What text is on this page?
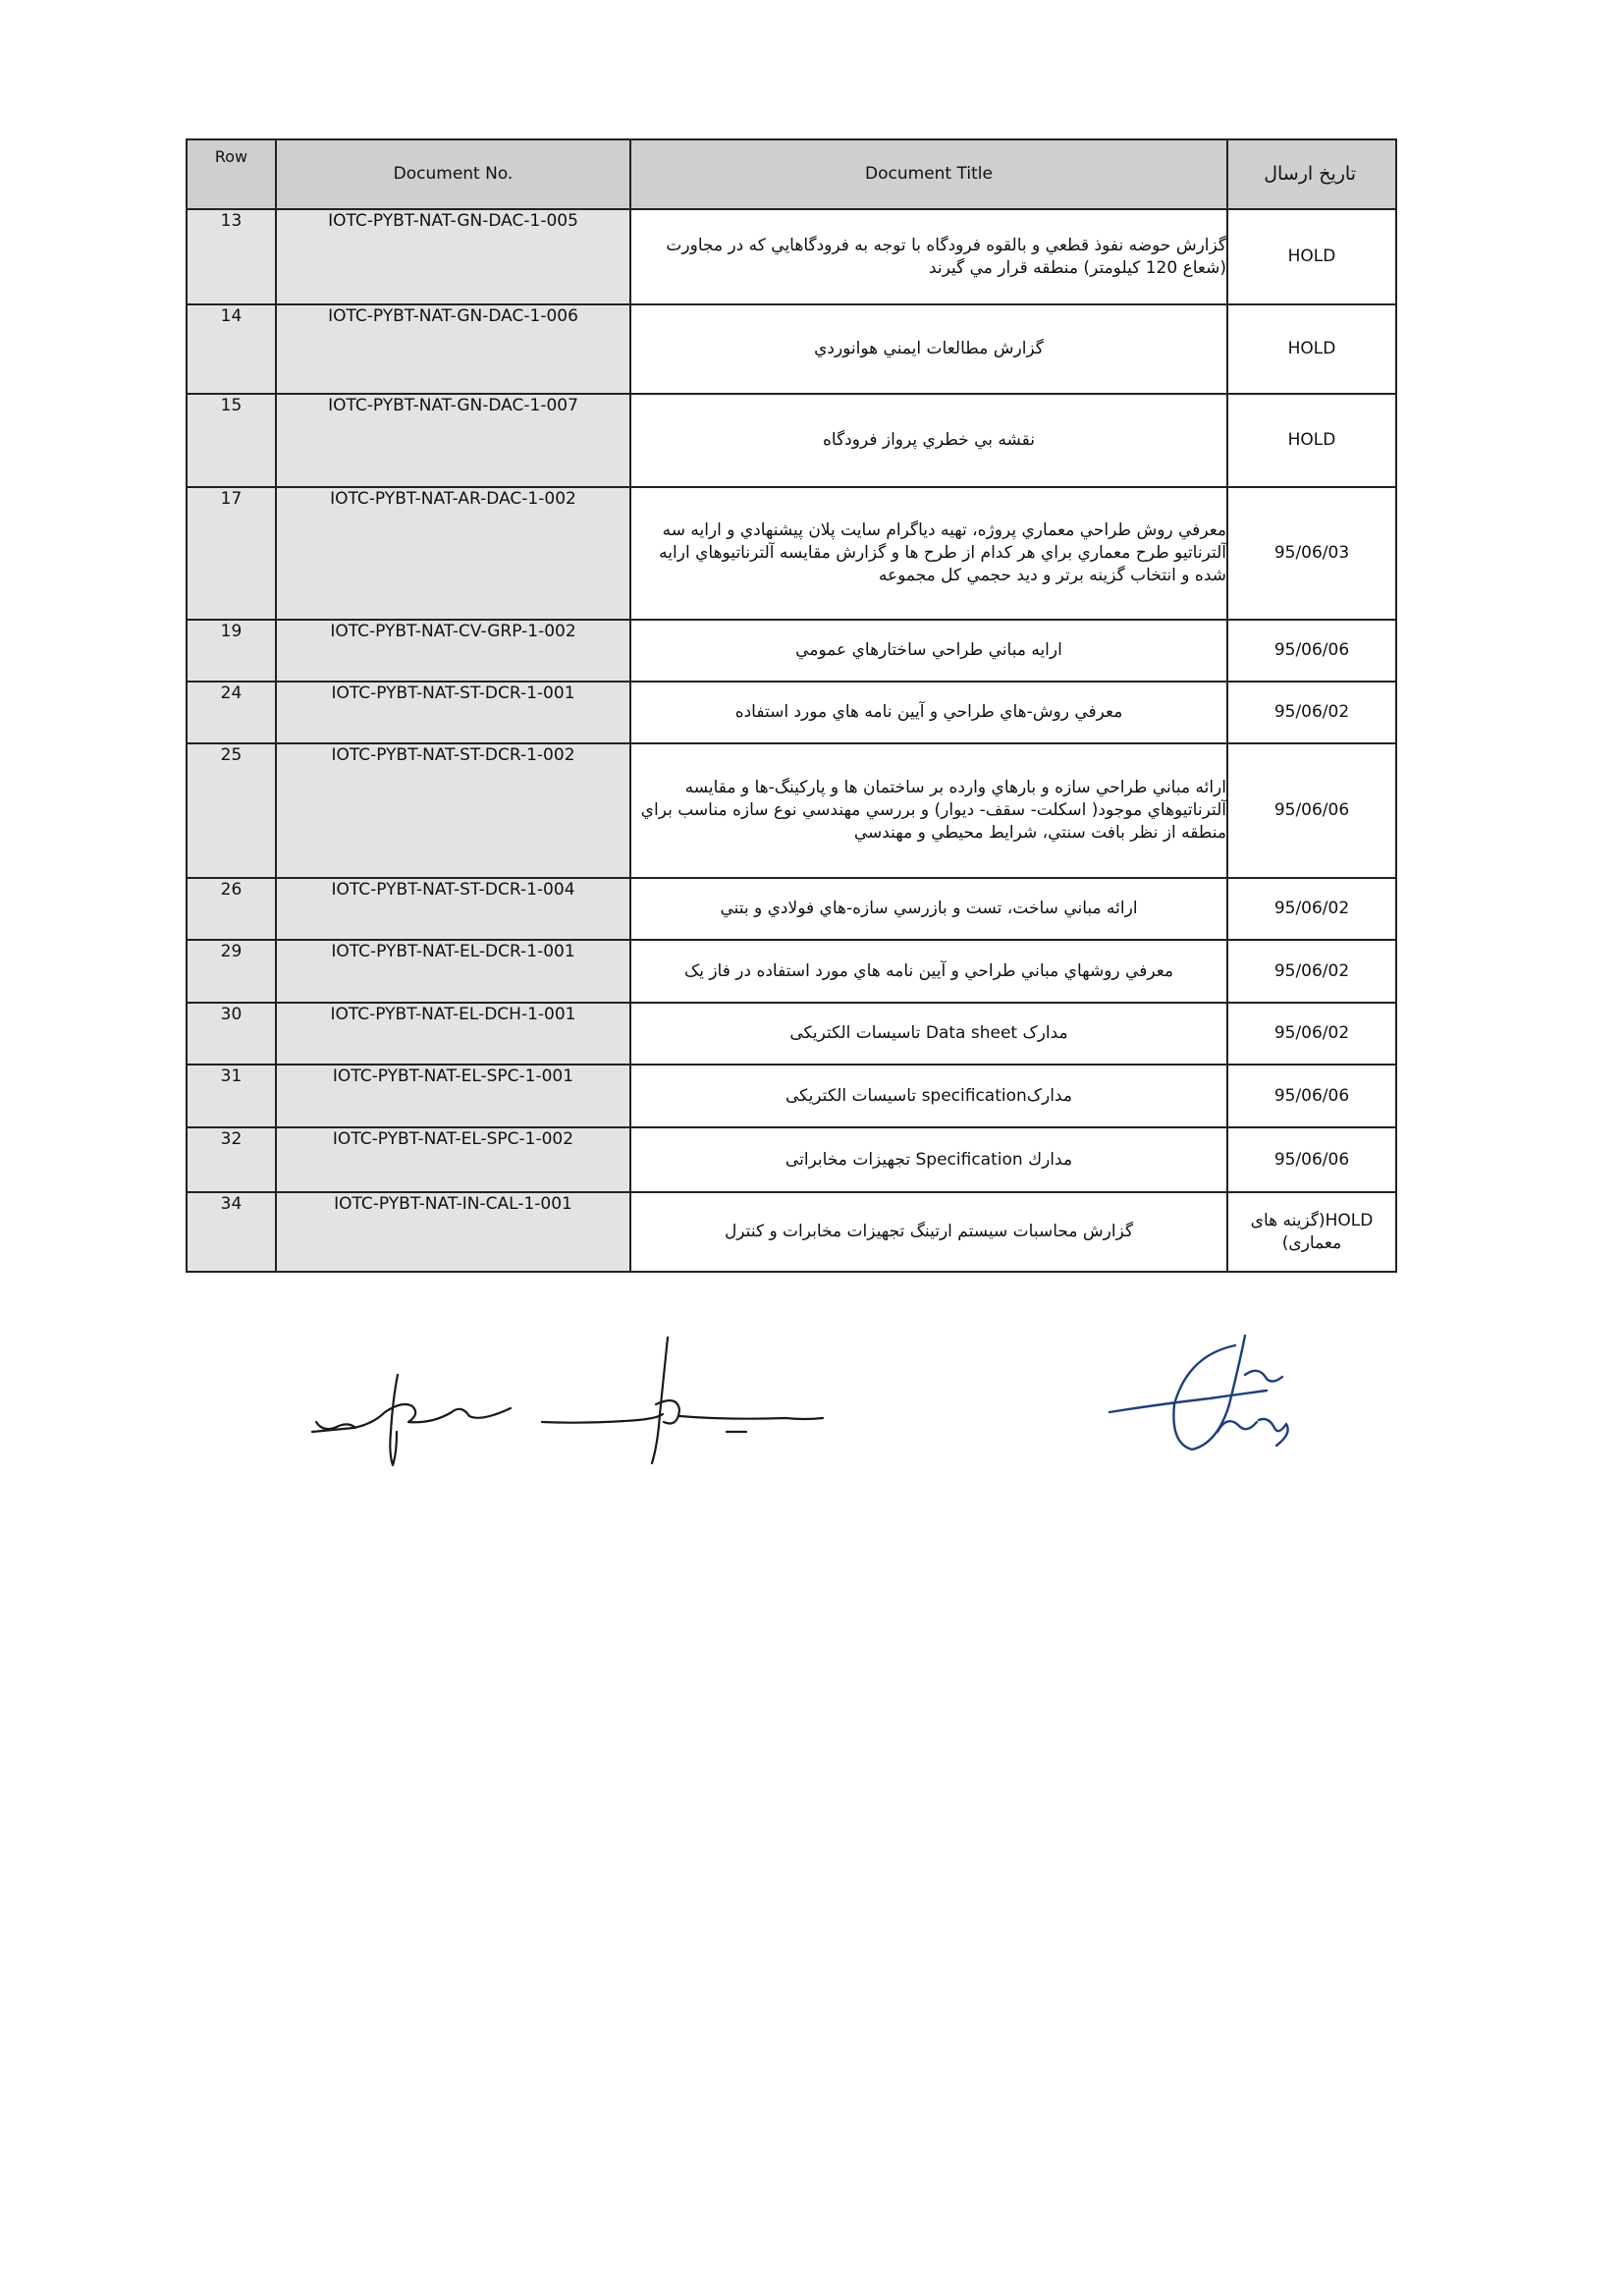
Row	Document No.	Document Title	تاریخ ارسال
13	IOTC-PYBT-NAT-GN-DAC-1-005	گزارش حوضه نفوذ قطعي و بالقوه فرودگاه با توجه به فرودگاهايي كه در مجاورت (شعاع 120 كيلومتر) منطقه قرار مي گيرند	HOLD
14	IOTC-PYBT-NAT-GN-DAC-1-006	گزارش مطالعات ايمني هوانوردي	HOLD
15	IOTC-PYBT-NAT-GN-DAC-1-007	نقشه بي خطري پرواز فرودگاه	HOLD
17	IOTC-PYBT-NAT-AR-DAC-1-002	معرفي روش طراحي معماري پروژه، تهيه دياگرام سايت پلان پيشنهادي و ارايه سه آلترناتيو طرح معماري براي هر كدام از طرح ها و گزارش مقايسه آلترناتيوهاي ارايه شده و انتخاب گزينه برتر و ديد حجمي كل مجموعه	95/06/03
19	IOTC-PYBT-NAT-CV-GRP-1-002	ارايه مباني طراحي ساختارهاي عمومي	95/06/06
24	IOTC-PYBT-NAT-ST-DCR-1-001	معرفي روش-هاي طراحي و آيين نامه هاي مورد استفاده	95/06/02
25	IOTC-PYBT-NAT-ST-DCR-1-002	ارائه مباني طراحي سازه و بارهاي وارده بر ساختمان ها و پاركينگ-ها و مقايسه آلترناتيوهاي موجود( اسكلت- سقف- ديوار) و بررسي مهندسي نوع سازه مناسب براي منطقه از نظر بافت سنتي، شرايط محيطي و مهندسي	95/06/06
26	IOTC-PYBT-NAT-ST-DCR-1-004	ارائه مباني ساخت، تست و بازرسي سازه-هاي فولادي و بتني	95/06/02
29	IOTC-PYBT-NAT-EL-DCR-1-001	معرفي روشهاي مباني طراحي و آيين نامه هاي مورد استفاده در فاز يک	95/06/02
30	IOTC-PYBT-NAT-EL-DCH-1-001	مدارک Data sheet تاسیسات الکتریکی	95/06/02
31	IOTC-PYBT-NAT-EL-SPC-1-001	مدارکspecification تاسیسات الکتریکی	95/06/06
32	IOTC-PYBT-NAT-EL-SPC-1-002	مدارك Specification تجهيزات مخابراتی	95/06/06
34	IOTC-PYBT-NAT-IN-CAL-1-001	گزارش محاسبات سيستم ارتينگ تجهيزات مخابرات و كنترل	HOLD(گزینه های معماری)
